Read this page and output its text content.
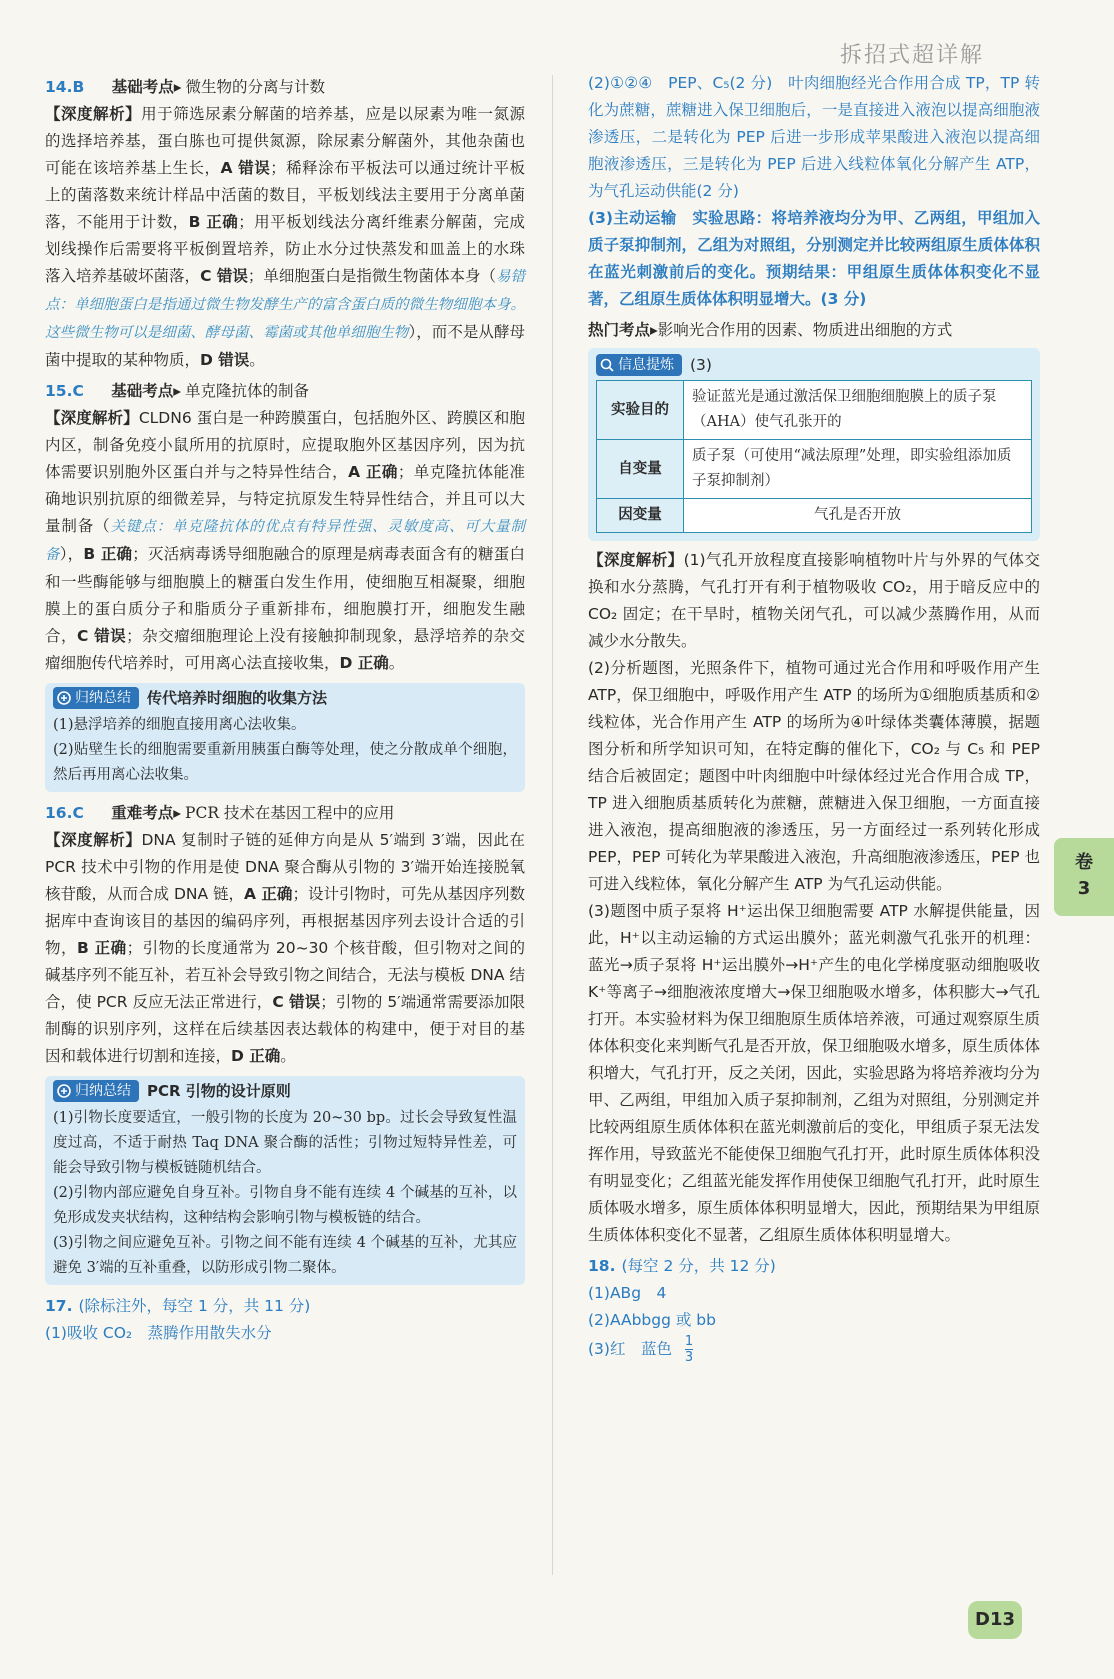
拆招式超详解

14.B 基础考点▸ 微生物的分离与计数

【深度解析】用于筛选尿素分解菌的培养基，应是以尿素为唯一氮源的选择培养基，蛋白胨也可提供氮源，除尿素分解菌外，其他杂菌也可能在该培养基上生长，A 错误；稀释涂布平板法可以通过统计平板上的菌落数来统计样品中活菌的数目，平板划线法主要用于分离单菌落，不能用于计数，B 正确；用平板划线法分离纤维素分解菌，完成划线操作后需要将平板倒置培养，防止水分过快蒸发和皿盖上的水珠落入培养基破坏菌落，C 错误；单细胞蛋白是指微生物菌体本身（易错点：单细胞蛋白是指通过微生物发酵生产的富含蛋白质的微生物细胞本身。这些微生物可以是细菌、酵母菌、霉菌或其他单细胞生物），而不是从酵母菌中提取的某种物质，D 错误。

15.C 基础考点▸ 单克隆抗体的制备

【深度解析】CLDN6 蛋白是一种跨膜蛋白，包括胞外区、跨膜区和胞内区，制备免疫小鼠所用的抗原时，应提取胞外区基因序列，因为抗体需要识别胞外区蛋白并与之特异性结合，A 正确；单克隆抗体能准确地识别抗原的细微差异，与特定抗原发生特异性结合，并且可以大量制备（关键点：单克隆抗体的优点有特异性强、灵敏度高、可大量制备），B 正确；灭活病毒诱导细胞融合的原理是病毒表面含有的糖蛋白和一些酶能够与细胞膜上的糖蛋白发生作用，使细胞互相凝聚，细胞膜上的蛋白质分子和脂质分子重新排布，细胞膜打开，细胞发生融合，C 错误；杂交瘤细胞理论上没有接触抑制现象，悬浮培养的杂交瘤细胞传代培养时，可用离心法直接收集，D 正确。

归纳总结 传代培养时细胞的收集方法

(1)悬浮培养的细胞直接用离心法收集。

(2)贴壁生长的细胞需要重新用胰蛋白酶等处理，使之分散成单个细胞，然后再用离心法收集。

16.C 重难考点▸ PCR 技术在基因工程中的应用

【深度解析】DNA 复制时子链的延伸方向是从 5′端到 3′端，因此在 PCR 技术中引物的作用是使 DNA 聚合酶从引物的 3′端开始连接脱氧核苷酸，从而合成 DNA 链，A 正确；设计引物时，可先从基因序列数据库中查询该目的基因的编码序列，再根据基因序列去设计合适的引物，B 正确；引物的长度通常为 20~30 个核苷酸，但引物对之间的碱基序列不能互补，若互补会导致引物之间结合，无法与模板 DNA 结合，使 PCR 反应无法正常进行，C 错误；引物的 5′端通常需要添加限制酶的识别序列，这样在后续基因表达载体的构建中，便于对目的基因和载体进行切割和连接，D 正确。

归纳总结 PCR 引物的设计原则

(1)引物长度要适宜，一般引物的长度为 20~30 bp。过长会导致复性温度过高，不适于耐热 Taq DNA 聚合酶的活性；引物过短特异性差，可能会导致引物与模板链随机结合。

(2)引物内部应避免自身互补。引物自身不能有连续 4 个碱基的互补，以免形成发夹状结构，这种结构会影响引物与模板链的结合。

(3)引物之间应避免互补。引物之间不能有连续 4 个碱基的互补，尤其应避免 3′端的互补重叠，以防形成引物二聚体。

17. (除标注外，每空 1 分，共 11 分)

(1)吸收 CO₂　蒸腾作用散失水分

(2)①②④　PEP、C₅(2 分)　叶肉细胞经光合作用合成 TP，TP 转化为蔗糖，蔗糖进入保卫细胞后，一是直接进入液泡以提高细胞液渗透压，二是转化为 PEP 后进一步形成苹果酸进入液泡以提高细胞液渗透压，三是转化为 PEP 后进入线粒体氧化分解产生 ATP，为气孔运动供能(2 分)

(3)主动运输　实验思路：将培养液均分为甲、乙两组，甲组加入质子泵抑制剂，乙组为对照组，分别测定并比较两组原生质体体积在蓝光刺激前后的变化。预期结果：甲组原生质体体积变化不显著，乙组原生质体体积明显增大。(3 分)

热门考点▸影响光合作用的因素、物质进出细胞的方式

信息提炼 (3)
实验目的	验证蓝光是通过激活保卫细胞细胞膜上的质子泵（AHA）使气孔张开的
自变量	质子泵（可使用“减法原理”处理，即实验组添加质子泵抑制剂）
因变量	气孔是否开放

【深度解析】(1)气孔开放程度直接影响植物叶片与外界的气体交换和水分蒸腾，气孔打开有利于植物吸收 CO₂，用于暗反应中的 CO₂ 固定；在干旱时，植物关闭气孔，可以减少蒸腾作用，从而减少水分散失。

(2)分析题图，光照条件下，植物可通过光合作用和呼吸作用产生 ATP，保卫细胞中，呼吸作用产生 ATP 的场所为①细胞质基质和②线粒体，光合作用产生 ATP 的场所为④叶绿体类囊体薄膜，据题图分析和所学知识可知，在特定酶的催化下，CO₂ 与 C₅ 和 PEP 结合后被固定；题图中叶肉细胞中叶绿体经过光合作用合成 TP，TP 进入细胞质基质转化为蔗糖，蔗糖进入保卫细胞，一方面直接进入液泡，提高细胞液的渗透压，另一方面经过一系列转化形成 PEP，PEP 可转化为苹果酸进入液泡，升高细胞液渗透压，PEP 也可进入线粒体，氧化分解产生 ATP 为气孔运动供能。

(3)题图中质子泵将 H⁺运出保卫细胞需要 ATP 水解提供能量，因此，H⁺以主动运输的方式运出膜外；蓝光刺激气孔张开的机理：蓝光→质子泵将 H⁺运出膜外→H⁺产生的电化学梯度驱动细胞吸收 K⁺等离子→细胞液浓度增大→保卫细胞吸水增多，体积膨大→气孔打开。本实验材料为保卫细胞原生质体培养液，可通过观察原生质体体积变化来判断气孔是否开放，保卫细胞吸水增多，原生质体体积增大，气孔打开，反之关闭，因此，实验思路为将培养液均分为甲、乙两组，甲组加入质子泵抑制剂，乙组为对照组，分别测定并比较两组原生质体体积在蓝光刺激前后的变化，甲组质子泵无法发挥作用，导致蓝光不能使保卫细胞气孔打开，此时原生质体体积没有明显变化；乙组蓝光能发挥作用使保卫细胞气孔打开，此时原生质体吸水增多，原生质体体积明显增大，因此，预期结果为甲组原生质体体积变化不显著，乙组原生质体体积明显增大。

18. (每空 2 分，共 12 分)

(1)ABg　4

(2)AAbbgg 或 bb

(3)红　蓝色 $\frac{1}{3}$

卷
3
D13
